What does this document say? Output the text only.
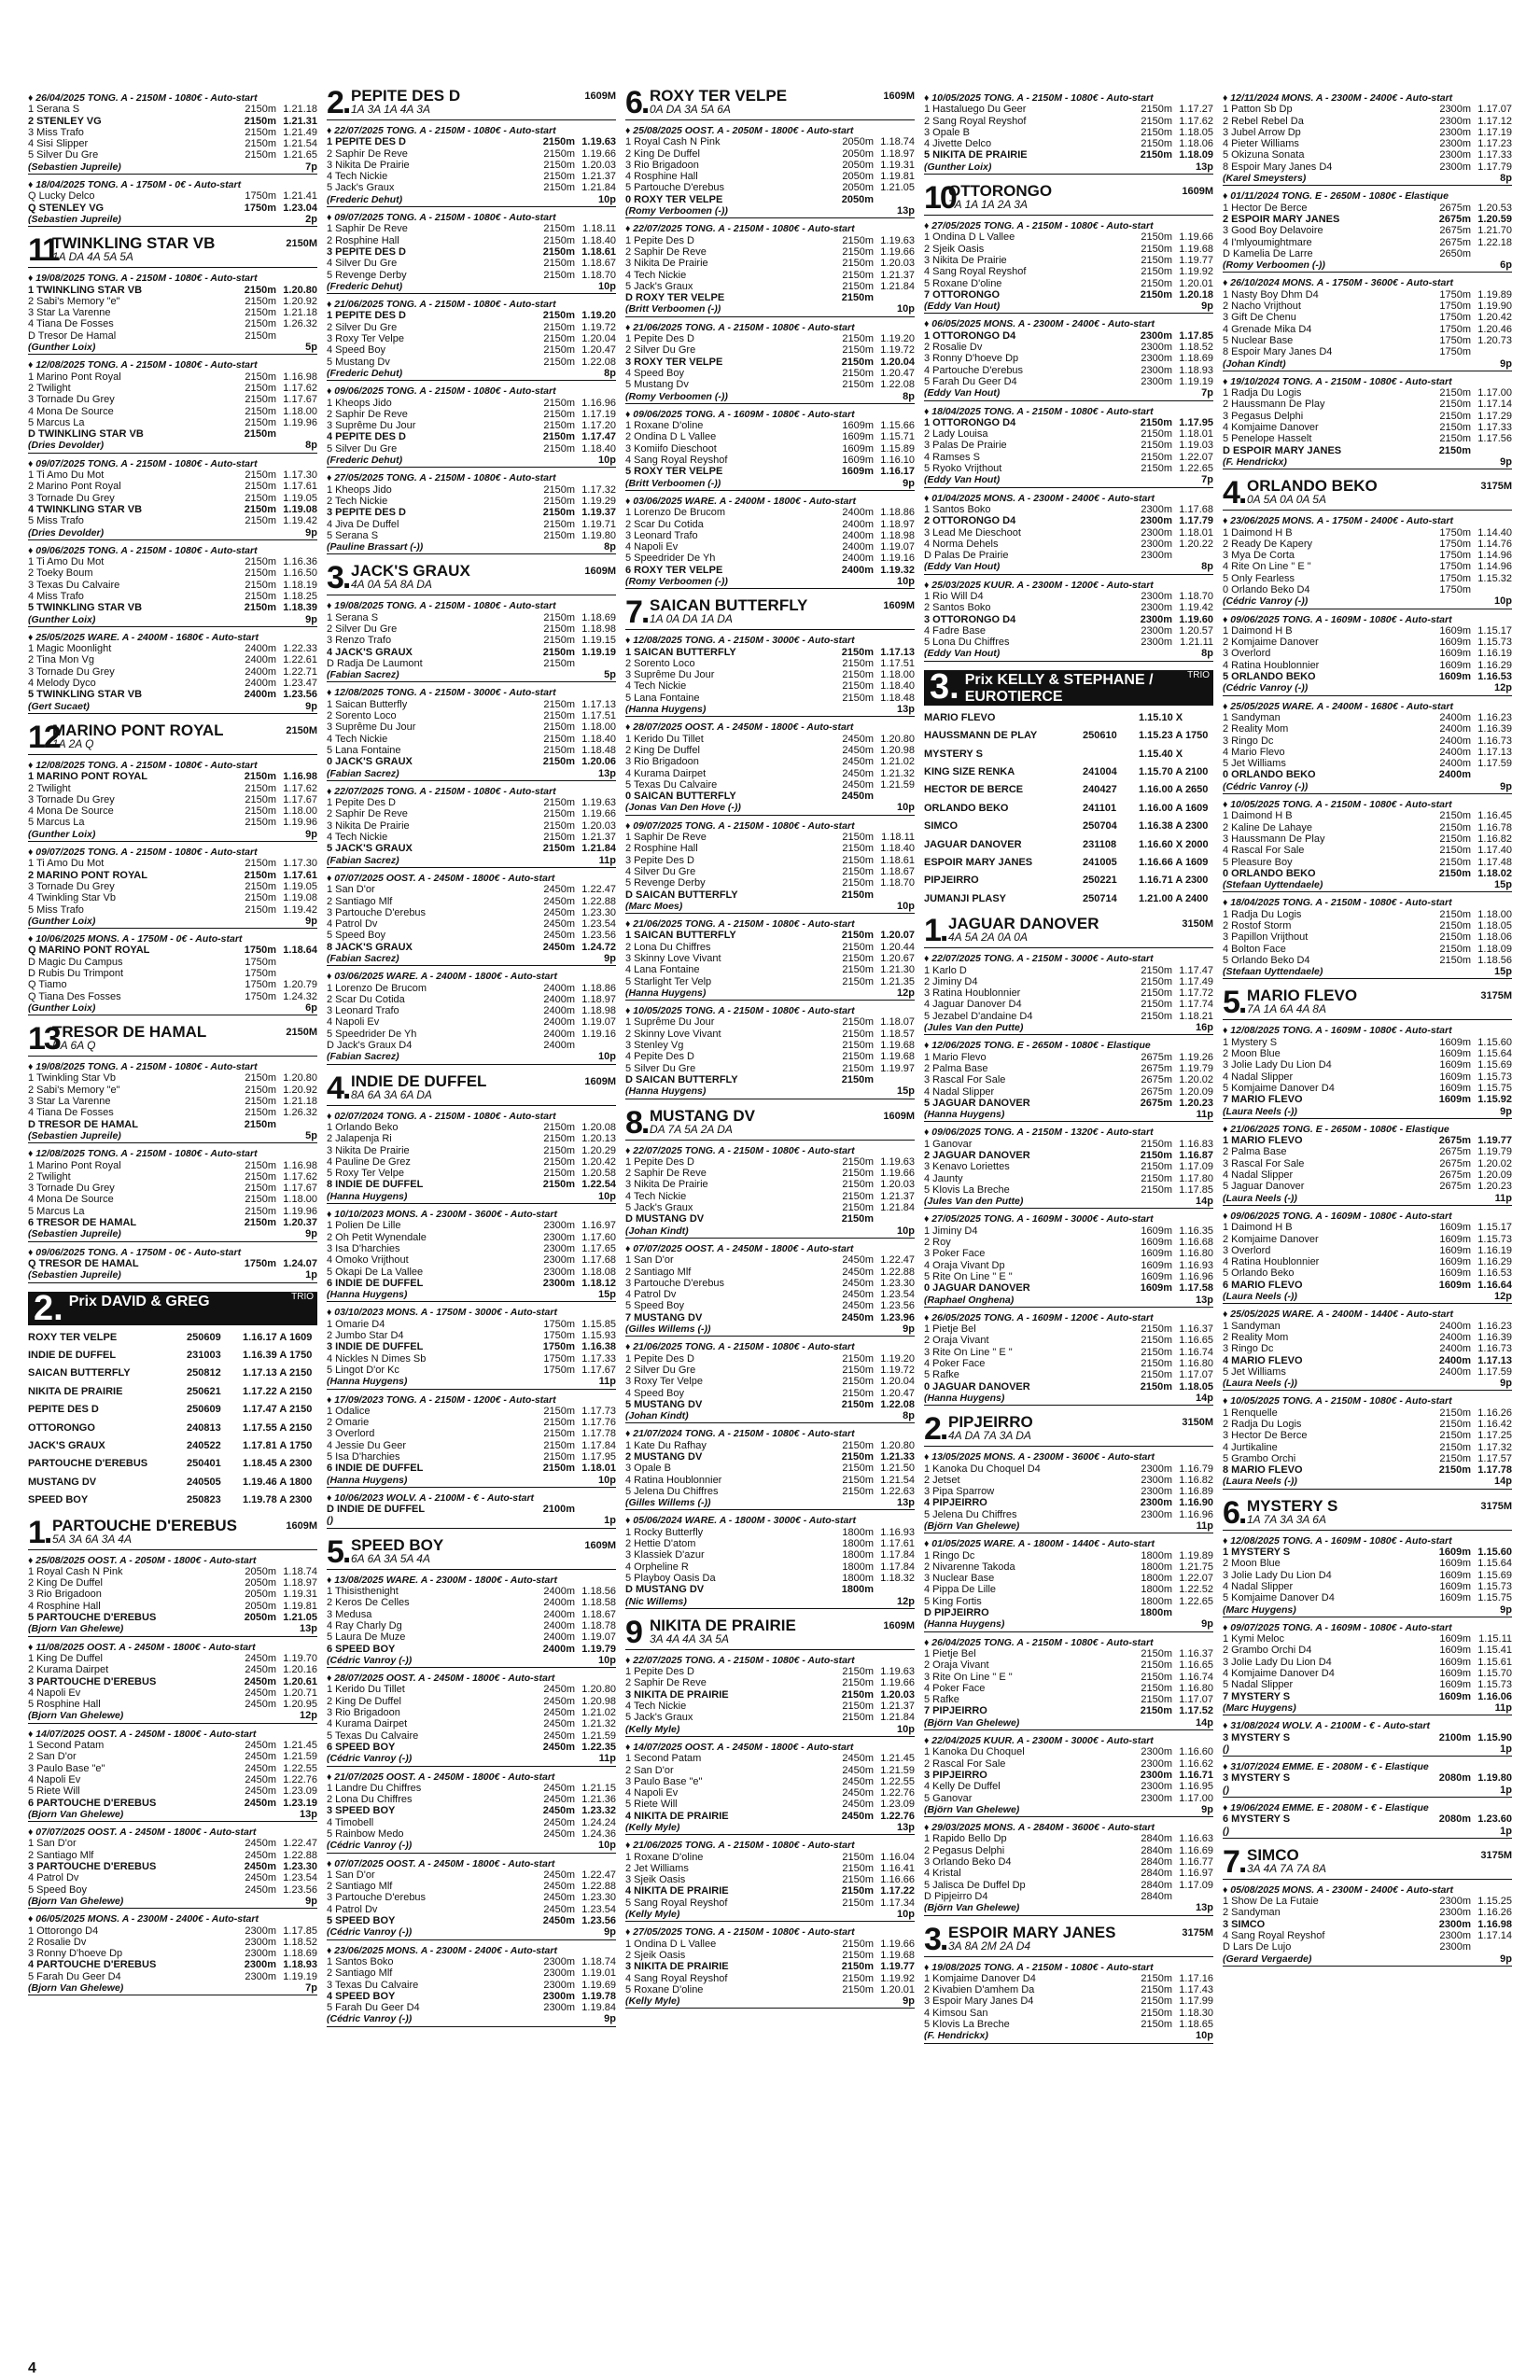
♦ 26/04/2025 TONG. A - 2150M - 1080€ - Auto-start
1 Serana S	2150m 1.21.18
2 STENLEY VG	2150m 1.21.31
3 Miss Trafo	2150m 1.21.49
4 Sisi Slipper	2150m 1.21.54
5 Silver Du Gre	2150m 1.21.65
(Sebastien Jupreile)	7p
♦ 18/04/2025 TONG. A - 1750M - 0€ - Auto-start
Q Lucky Delco	1750m 1.21.41
Q STENLEY VG	1750m 1.23.04
(Sebastien Jupreile)	2p
11
TWINKLING STAR VB
1A DA 4A 5A 5A
2150M
♦ 19/08/2025 TONG. A - 2150M - 1080€ - Auto-start
1 TWINKLING STAR VB	2150m 1.20.80
2 Sabi's Memory "e"	2150m 1.20.92
3 Star La Varenne	2150m 1.21.18
4 Tiana De Fosses	2150m 1.26.32
D Tresor De Hamal	2150m
(Gunther Loix)	5p
♦ 12/08/2025 TONG. A - 2150M - 1080€ - Auto-start
1 Marino Pont Royal	2150m 1.16.98
2 Twilight	2150m 1.17.62
3 Tornade Du Grey	2150m 1.17.67
4 Mona De Source	2150m 1.18.00
5 Marcus La	2150m 1.19.96
D TWINKLING STAR VB	2150m
(Dries Devolder)	8p
♦ 09/07/2025 TONG. A - 2150M - 1080€ - Auto-start
1 Ti Amo Du Mot	2150m 1.17.30
2 Marino Pont Royal	2150m 1.17.61
3 Tornade Du Grey	2150m 1.19.05
4 TWINKLING STAR VB	2150m 1.19.08
5 Miss Trafo	2150m 1.19.42
(Dries Devolder)	9p
♦ 09/06/2025 TONG. A - 2150M - 1080€ - Auto-start
1 Ti Amo Du Mot	2150m 1.16.36
2 Toeky Boum	2150m 1.16.50
3 Texas Du Calvaire	2150m 1.18.19
4 Miss Trafo	2150m 1.18.25
5 TWINKLING STAR VB	2150m 1.18.39
(Gunther Loix)	9p
♦ 25/05/2025 WARE. A - 2400M - 1680€ - Auto-start
1 Magic Moonlight	2400m 1.22.33
2 Tina Mon Vg	2400m 1.22.61
3 Tornade Du Grey	2400m 1.22.71
4 Melody Dyco	2400m 1.23.47
5 TWINKLING STAR VB	2400m 1.23.56
(Gert Sucaet)	9p
12
MARINO PONT ROYAL
1A 2A Q
2150M
♦ 12/08/2025 TONG. A - 2150M - 1080€ - Auto-start
1 MARINO PONT ROYAL	2150m 1.16.98
2 Twilight	2150m 1.17.62
3 Tornade Du Grey	2150m 1.17.67
4 Mona De Source	2150m 1.18.00
5 Marcus La	2150m 1.19.96
(Gunther Loix)	9p
♦ 09/07/2025 TONG. A - 2150M - 1080€ - Auto-start
1 Ti Amo Du Mot	2150m 1.17.30
2 MARINO PONT ROYAL	2150m 1.17.61
3 Tornade Du Grey	2150m 1.19.05
4 Twinkling Star Vb	2150m 1.19.08
5 Miss Trafo	2150m 1.19.42
(Gunther Loix)	9p
♦ 10/06/2025 MONS. A - 1750M - 0€ - Auto-start
Q MARINO PONT ROYAL	1750m 1.18.64
D Magic Du Campus	1750m
D Rubis Du Trimpont	1750m
Q Tiamo	1750m 1.20.79
Q Tiana Des Fosses	1750m 1.24.32
(Gunther Loix)	6p
13
TRESOR DE HAMAL
DA 6A Q
2150M
♦ 19/08/2025 TONG. A - 2150M - 1080€ - Auto-start
1 Twinkling Star Vb	2150m 1.20.80
2 Sabi's Memory "e"	2150m 1.20.92
3 Star La Varenne	2150m 1.21.18
4 Tiana De Fosses	2150m 1.26.32
D TRESOR DE HAMAL	2150m
(Sebastien Jupreile)	5p
♦ 12/08/2025 TONG. A - 2150M - 1080€ - Auto-start
1 Marino Pont Royal	2150m 1.16.98
2 Twilight	2150m 1.17.62
3 Tornade Du Grey	2150m 1.17.67
4 Mona De Source	2150m 1.18.00
5 Marcus La	2150m 1.19.96
6 TRESOR DE HAMAL	2150m 1.20.37
(Sebastien Jupreile)	9p
♦ 09/06/2025 TONG. A - 1750M - 0€ - Auto-start
Q TRESOR DE HAMAL	1750m 1.24.07
(Sebastien Jupreile)	1p
2. Prix DAVID & GREG	TRIO
ROXY TER VELPE	250609	1.16.17 A 1609
INDIE DE DUFFEL	231003	1.16.39 A 1750
SAICAN BUTTERFLY	250812	1.17.13 A 2150
NIKITA DE PRAIRIE	250621	1.17.22 A 2150
PEPITE DES D	250609	1.17.47 A 2150
OTTORONGO	240813	1.17.55 A 2150
JACK'S GRAUX	240522	1.17.81 A 1750
PARTOUCHE D'EREBUS	250401	1.18.45 A 2300
MUSTANG DV	240505	1.19.46 A 1800
SPEED BOY	250823	1.19.78 A 2300
1. PARTOUCHE D'EREBUS
5A 3A 6A 3A 4A
1609M
♦ 25/08/2025 OOST. A - 2050M - 1800€ - Auto-start
1 Royal Cash N Pink	2050m 1.18.74
2 King De Duffel	2050m 1.18.97
3 Rio Brigadoon	2050m 1.19.31
4 Rosphine Hall	2050m 1.19.81
5 PARTOUCHE D'EREBUS	2050m 1.21.05
(Bjorn Van Ghelewe)	13p
♦ 11/08/2025 OOST. A - 2450M - 1800€ - Auto-start
1 King De Duffel	2450m 1.19.70
2 Kurama Dairpet	2450m 1.20.16
3 PARTOUCHE D'EREBUS	2450m 1.20.61
4 Napoli Ev	2450m 1.20.71
5 Rosphine Hall	2450m 1.20.95
(Bjorn Van Ghelewe)	12p
♦ 14/07/2025 OOST. A - 2450M - 1800€ - Auto-start
1 Second Patam	2450m 1.21.45
2 San D'or	2450m 1.21.59
3 Paulo Base "e"	2450m 1.22.55
4 Napoli Ev	2450m 1.22.76
5 Riete Will	2450m 1.23.09
6 PARTOUCHE D'EREBUS	2450m 1.23.19
(Bjorn Van Ghelewe)	13p
♦ 07/07/2025 OOST. A - 2450M - 1800€ - Auto-start
1 San D'or	2450m 1.22.47
2 Santiago Mlf	2450m 1.22.88
3 PARTOUCHE D'EREBUS	2450m 1.23.30
4 Patrol Dv	2450m 1.23.54
5 Speed Boy	2450m 1.23.56
(Bjorn Van Ghelewe)	9p
♦ 06/05/2025 MONS. A - 2300M - 2400€ - Auto-start
1 Ottorongo D4	2300m 1.17.85
2 Rosalie Dv	2300m 1.18.52
3 Ronny D'hoeve Dp	2300m 1.18.69
4 PARTOUCHE D'EREBUS	2300m 1.18.93
5 Farah Du Geer D4	2300m 1.19.19
(Bjorn Van Ghelewe)	7p
2. PEPITE DES D
1A 3A 1A 4A 3A
1609M
♦ 22/07/2025 TONG. A - 2150M - 1080€ - Auto-start
1 PEPITE DES D	2150m 1.19.63
2 Saphir De Reve	2150m 1.19.66
3 Nikita De Prairie	2150m 1.20.03
4 Tech Nickie	2150m 1.21.37
5 Jack's Graux	2150m 1.21.84
(Frederic Dehut)	10p
♦ 09/07/2025 TONG. A - 2150M - 1080€ - Auto-start
1 Saphir De Reve	2150m 1.18.11
2 Rosphine Hall	2150m 1.18.40
3 PEPITE DES D	2150m 1.18.61
4 Silver Du Gre	2150m 1.18.67
5 Revenge Derby	2150m 1.18.70
(Frederic Dehut)	10p
♦ 21/06/2025 TONG. A - 2150M - 1080€ - Auto-start
1 PEPITE DES D	2150m 1.19.20
2 Silver Du Gre	2150m 1.19.72
3 Roxy Ter Velpe	2150m 1.20.04
4 Speed Boy	2150m 1.20.47
5 Mustang Dv	2150m 1.22.08
(Frederic Dehut)	8p
♦ 09/06/2025 TONG. A - 2150M - 1080€ - Auto-start
1 Kheops Jido	2150m 1.16.96
2 Saphir De Reve	2150m 1.17.19
3 Suprême Du Jour	2150m 1.17.20
4 PEPITE DES D	2150m 1.17.47
5 Silver Du Gre	2150m 1.18.40
(Frederic Dehut)	10p
♦ 27/05/2025 TONG. A - 2150M - 1080€ - Auto-start
1 Kheops Jido	2150m 1.17.32
2 Tech Nickie	2150m 1.19.29
3 PEPITE DES D	2150m 1.19.37
4 Jiva De Duffel	2150m 1.19.71
5 Serana S	2150m 1.19.80
(Pauline Brassart (-))	8p
3. JACK'S GRAUX
4A 0A 5A 8A DA
1609M
♦ 19/08/2025 TONG. A - 2150M - 1080€ - Auto-start
1 Serana S	2150m 1.18.69
2 Silver Du Gre	2150m 1.18.98
3 Renzo Trafo	2150m 1.19.15
4 JACK'S GRAUX	2150m 1.19.19
D Radja De Laumont	2150m
(Fabian Sacrez)	5p
♦ 12/08/2025 TONG. A - 2150M - 3000€ - Auto-start
1 Saican Butterfly	2150m 1.17.13
2 Sorento Loco	2150m 1.17.51
3 Suprême Du Jour	2150m 1.18.00
4 Tech Nickie	2150m 1.18.40
5 Lana Fontaine	2150m 1.18.48
0 JACK'S GRAUX	2150m 1.20.06
(Fabian Sacrez)	13p
♦ 22/07/2025 TONG. A - 2150M - 1080€ - Auto-start
1 Pepite Des D	2150m 1.19.63
2 Saphir De Reve	2150m 1.19.66
3 Nikita De Prairie	2150m 1.20.03
4 Tech Nickie	2150m 1.21.37
5 JACK'S GRAUX	2150m 1.21.84
(Fabian Sacrez)	11p
♦ 07/07/2025 OOST. A - 2450M - 1800€ - Auto-start
1 San D'or	2450m 1.22.47
2 Santiago Mlf	2450m 1.22.88
3 Partouche D'erebus	2450m 1.23.30
4 Patrol Dv	2450m 1.23.54
5 Speed Boy	2450m 1.23.56
8 JACK'S GRAUX	2450m 1.24.72
(Fabian Sacrez)	9p
♦ 03/06/2025 WARE. A - 2400M - 1800€ - Auto-start
1 Lorenzo De Brucom	2400m 1.18.86
2 Scar Du Cotida	2400m 1.18.97
3 Leonard Trafo	2400m 1.18.98
4 Napoli Ev	2400m 1.19.07
5 Speedrider De Yh	2400m 1.19.16
D Jack's Graux D4	2400m
(Fabian Sacrez)	10p
4. INDIE DE DUFFEL
8A 6A 3A 6A DA
1609M
♦ 02/07/2024 TONG. A - 2150M - 1080€ - Auto-start
1 Orlando Beko	2150m 1.20.08
2 Jalapenja Ri	2150m 1.20.13
3 Nikita De Prairie	2150m 1.20.29
4 Pauline De Grez	2150m 1.20.42
5 Roxy Ter Velpe	2150m 1.20.58
8 INDIE DE DUFFEL	2150m 1.22.54
(Hanna Huygens)	10p
♦ 10/10/2023 MONS. A - 2300M - 3600€ - Auto-start
1 Polien De Lille	2300m 1.16.97
2 Oh Petit Wynendale	2300m 1.17.60
3 Isa D'harchies	2300m 1.17.65
4 Omoko Vrijthout	2300m 1.17.68
5 Okapi De La Vallee	2300m 1.18.08
6 INDIE DE DUFFEL	2300m 1.18.12
(Hanna Huygens)	15p
♦ 03/10/2023 MONS. A - 1750M - 3000€ - Auto-start
1 Omarie D4	1750m 1.15.85
2 Jumbo Star D4	1750m 1.15.93
3 INDIE DE DUFFEL	1750m 1.16.38
4 Nickles N Dimes Sb	1750m 1.17.33
5 Lingot D'or Kc	1750m 1.17.67
(Hanna Huygens)	11p
♦ 17/09/2023 TONG. A - 2150M - 1200€ - Auto-start
1 Odalice	2150m 1.17.73
2 Omarie	2150m 1.17.76
3 Overlord	2150m 1.17.78
4 Jessie Du Geer	2150m 1.17.84
5 Isa D'harchies	2150m 1.17.95
6 INDIE DE DUFFEL	2150m 1.18.01
(Hanna Huygens)	10p
♦ 10/06/2023 WOLV. A - 2100M - € - Auto-start
D INDIE DE DUFFEL	2100m
()	1p
5. SPEED BOY
6A 6A 3A 5A 4A
1609M
♦ 13/08/2025 WARE. A - 2300M - 1800€ - Auto-start
1 Thisisthenight	2400m 1.18.56
2 Keros De Celles	2400m 1.18.58
3 Medusa	2400m 1.18.67
4 Ray Charly Dg	2400m 1.18.78
5 Laura De Muze	2400m 1.19.07
6 SPEED BOY	2400m 1.19.79
(Cédric Vanroy (-))	10p
♦ 28/07/2025 OOST. A - 2450M - 1800€ - Auto-start
1 Kerido Du Tillet	2450m 1.20.80
2 King De Duffel	2450m 1.20.98
3 Rio Brigadoon	2450m 1.21.02
4 Kurama Dairpet	2450m 1.21.32
5 Texas Du Calvaire	2450m 1.21.59
6 SPEED BOY	2450m 1.22.35
(Cédric Vanroy (-))	11p
♦ 21/07/2025 OOST. A - 2450M - 1800€ - Auto-start
1 Landre Du Chiffres	2450m 1.21.15
2 Lona Du Chiffres	2450m 1.21.36
3 SPEED BOY	2450m 1.23.32
4 Timobell	2450m 1.24.24
5 Rainbow Medo	2450m 1.24.36
(Cédric Vanroy (-))	10p
♦ 07/07/2025 OOST. A - 2450M - 1800€ - Auto-start
1 San D'or	2450m 1.22.47
2 Santiago Mlf	2450m 1.22.88
3 Partouche D'erebus	2450m 1.23.30
4 Patrol Dv	2450m 1.23.54
5 SPEED BOY	2450m 1.23.56
(Cédric Vanroy (-))	9p
♦ 23/06/2025 MONS. A - 2300M - 2400€ - Auto-start
1 Santos Boko	2300m 1.18.74
2 Santiago Mlf	2300m 1.19.01
3 Texas Du Calvaire	2300m 1.19.69
4 SPEED BOY	2300m 1.19.78
5 Farah Du Geer D4	2300m 1.19.84
(Cédric Vanroy (-))	9p
6. ROXY TER VELPE
0A DA 3A 5A 6A
1609M
♦ 25/08/2025 OOST. A - 2050M - 1800€ - Auto-start
1 Royal Cash N Pink	2050m 1.18.74
2 King De Duffel	2050m 1.18.97
3 Rio Brigadoon	2050m 1.19.31
4 Rosphine Hall	2050m 1.19.81
5 Partouche D'erebus	2050m 1.21.05
0 ROXY TER VELPE	2050m
(Romy Verboomen (-))	13p
♦ 22/07/2025 TONG. A - 2150M - 1080€ - Auto-start
1 Pepite Des D	2150m 1.19.63
2 Saphir De Reve	2150m 1.19.66
3 Nikita De Prairie	2150m 1.20.03
4 Tech Nickie	2150m 1.21.37
5 Jack's Graux	2150m 1.21.84
D ROXY TER VELPE	2150m
(Britt Verboomen (-))	10p
♦ 21/06/2025 TONG. A - 2150M - 1080€ - Auto-start
1 Pepite Des D	2150m 1.19.20
2 Silver Du Gre	2150m 1.19.72
3 ROXY TER VELPE	2150m 1.20.04
4 Speed Boy	2150m 1.20.47
5 Mustang Dv	2150m 1.22.08
(Romy Verboomen (-))	8p
♦ 09/06/2025 TONG. A - 1609M - 1080€ - Auto-start
1 Roxane D'oline	1609m 1.15.66
2 Ondina D L Vallee	1609m 1.15.71
3 Komiifo Dieschoot	1609m 1.15.89
4 Sang Royal Reyshof	1609m 1.16.10
5 ROXY TER VELPE	1609m 1.16.17
(Britt Verboomen (-))	9p
♦ 03/06/2025 WARE. A - 2400M - 1800€ - Auto-start
1 Lorenzo De Brucom	2400m 1.18.86
2 Scar Du Cotida	2400m 1.18.97
3 Leonard Trafo	2400m 1.18.98
4 Napoli Ev	2400m 1.19.07
5 Speedrider De Yh	2400m 1.19.16
6 ROXY TER VELPE	2400m 1.19.32
(Romy Verboomen (-))	10p
7. SAICAN BUTTERFLY
1A 0A DA 1A DA
1609M
♦ 12/08/2025 TONG. A - 2150M - 3000€ - Auto-start
1 SAICAN BUTTERFLY	2150m 1.17.13
2 Sorento Loco	2150m 1.17.51
3 Suprême Du Jour	2150m 1.18.00
4 Tech Nickie	2150m 1.18.40
5 Lana Fontaine	2150m 1.18.48
(Hanna Huygens)	13p
♦ 28/07/2025 OOST. A - 2450M - 1800€ - Auto-start
1 Kerido Du Tillet	2450m 1.20.80
2 King De Duffel	2450m 1.20.98
3 Rio Brigadoon	2450m 1.21.02
4 Kurama Dairpet	2450m 1.21.32
5 Texas Du Calvaire	2450m 1.21.59
0 SAICAN BUTTERFLY	2450m
(Jonas Van Den Hove (-))	10p
♦ 09/07/2025 TONG. A - 2150M - 1080€ - Auto-start
1 Saphir De Reve	2150m 1.18.11
2 Rosphine Hall	2150m 1.18.40
3 Pepite Des D	2150m 1.18.61
4 Silver Du Gre	2150m 1.18.67
5 Revenge Derby	2150m 1.18.70
D SAICAN BUTTERFLY	2150m
(Marc Moes)	10p
♦ 21/06/2025 TONG. A - 2150M - 1080€ - Auto-start
1 SAICAN BUTTERFLY	2150m 1.20.07
2 Lona Du Chiffres	2150m 1.20.44
3 Skinny Love Vivant	2150m 1.20.67
4 Lana Fontaine	2150m 1.21.30
5 Starlight Ter Velp	2150m 1.21.35
(Hanna Huygens)	12p
♦ 10/05/2025 TONG. A - 2150M - 1080€ - Auto-start
1 Suprême Du Jour	2150m 1.18.07
2 Skinny Love Vivant	2150m 1.18.57
3 Stenley Vg	2150m 1.19.68
4 Pepite Des D	2150m 1.19.68
5 Silver Du Gre	2150m 1.19.97
D SAICAN BUTTERFLY	2150m
(Hanna Huygens)	15p
8. MUSTANG DV
DA 7A 5A 2A DA
1609M
♦ 22/07/2025 TONG. A - 2150M - 1080€ - Auto-start
1 Pepite Des D	2150m 1.19.63
2 Saphir De Reve	2150m 1.19.66
3 Nikita De Prairie	2150m 1.20.03
4 Tech Nickie	2150m 1.21.37
5 Jack's Graux	2150m 1.21.84
D MUSTANG DV	2150m
(Johan Kindt)	10p
♦ 07/07/2025 OOST. A - 2450M - 1800€ - Auto-start
1 San D'or	2450m 1.22.47
2 Santiago Mlf	2450m 1.22.88
3 Partouche D'erebus	2450m 1.23.30
4 Patrol Dv	2450m 1.23.54
5 Speed Boy	2450m 1.23.56
7 MUSTANG DV	2450m 1.23.96
(Gilles Willems (-))	9p
♦ 21/06/2025 TONG. A - 2150M - 1080€ - Auto-start
1 Pepite Des D	2150m 1.19.20
2 Silver Du Gre	2150m 1.19.72
3 Roxy Ter Velpe	2150m 1.20.04
4 Speed Boy	2150m 1.20.47
5 MUSTANG DV	2150m 1.22.08
(Johan Kindt)	8p
♦ 21/07/2024 TONG. A - 2150M - 1080€ - Auto-start
1 Kate Du Rafhay	2150m 1.20.80
2 MUSTANG DV	2150m 1.21.33
3 Opale B	2150m 1.21.50
4 Ratina Houblonnier	2150m 1.21.54
5 Jelena Du Chiffres	2150m 1.22.63
(Gilles Willems (-))	13p
♦ 05/06/2024 WARE. A - 1800M - 3000€ - Auto-start
1 Rocky Butterfly	1800m 1.16.93
2 Hettie D'atom	1800m 1.17.61
3 Klassiek D'azur	1800m 1.17.84
4 Orpheline R	1800m 1.17.84
5 Playboy Oasis Da	1800m 1.18.32
D MUSTANG DV	1800m
(Nic Willems)	12p
9 NIKITA DE PRAIRIE
3A 4A 4A 3A 5A
1609M
♦ 22/07/2025 TONG. A - 2150M - 1080€ - Auto-start
1 Pepite Des D	2150m 1.19.63
2 Saphir De Reve	2150m 1.19.66
3 NIKITA DE PRAIRIE	2150m 1.20.03
4 Tech Nickie	2150m 1.21.37
5 Jack's Graux	2150m 1.21.84
(Kelly Myle)	10p
♦ 14/07/2025 OOST. A - 2450M - 1800€ - Auto-start
1 Second Patam	2450m 1.21.45
2 San D'or	2450m 1.21.59
3 Paulo Base "e"	2450m 1.22.55
4 Napoli Ev	2450m 1.22.76
5 Riete Will	2450m 1.23.09
4 NIKITA DE PRAIRIE	2450m 1.22.76
(Kelly Myle)	13p
♦ 21/06/2025 TONG. A - 2150M - 1080€ - Auto-start
1 Roxane D'oline	2150m 1.16.04
2 Jet Williams	2150m 1.16.41
3 Sjeik Oasis	2150m 1.16.66
4 NIKITA DE PRAIRIE	2150m 1.17.22
5 Sang Royal Reyshof	2150m 1.17.34
(Kelly Myle)	10p
♦ 27/05/2025 TONG. A - 2150M - 1080€ - Auto-start
1 Ondina D L Vallee	2150m 1.19.66
2 Sjeik Oasis	2150m 1.19.68
3 NIKITA DE PRAIRIE	2150m 1.19.77
4 Sang Royal Reyshof	2150m 1.19.92
5 Roxane D'oline	2150m 1.20.01
(Kelly Myle)	9p
♦ 10/05/2025 TONG. A - 2150M - 1080€ - Auto-start
1 Hastaluego Du Geer	2150m 1.17.27
2 Sang Royal Reyshof	2150m 1.17.62
3 Opale B	2150m 1.18.05
4 Jivette Delco	2150m 1.18.06
5 NIKITA DE PRAIRIE	2150m 1.18.09
(Gunther Loix)	13p
10
OTTORONGO
7A 1A 1A 2A 3A
1609M
♦ 27/05/2025 TONG. A - 2150M - 1080€ - Auto-start
1 Ondina D L Vallee	2150m 1.19.66
2 Sjeik Oasis	2150m 1.19.68
3 Nikita De Prairie	2150m 1.19.77
4 Sang Royal Reyshof	2150m 1.19.92
5 Roxane D'oline	2150m 1.20.01
7 OTTORONGO	2150m 1.20.18
(Eddy Van Hout)	9p
♦ 06/05/2025 MONS. A - 2300M - 2400€ - Auto-start
1 OTTORONGO D4	2300m 1.17.85
2 Rosalie Dv	2300m 1.18.52
3 Ronny D'hoeve Dp	2300m 1.18.69
4 Partouche D'erebus	2300m 1.18.93
5 Farah Du Geer D4	2300m 1.19.19
(Eddy Van Hout)	7p
♦ 18/04/2025 TONG. A - 2150M - 1080€ - Auto-start
1 OTTORONGO D4	2150m 1.17.95
2 Lady Louisa	2150m 1.18.01
3 Palas De Prairie	2150m 1.19.03
4 Ramses S	2150m 1.22.07
5 Ryoko Vrijthout	2150m 1.22.65
(Eddy Van Hout)	7p
♦ 01/04/2025 MONS. A - 2300M - 2400€ - Auto-start
1 Santos Boko	2300m 1.17.68
2 OTTORONGO D4	2300m 1.17.79
3 Lead Me Dieschoot	2300m 1.18.01
4 Norma Dehels	2300m 1.20.22
D Palas De Prairie	2300m
(Eddy Van Hout)	8p
♦ 25/03/2025 KUUR. A - 2300M - 1200€ - Auto-start
1 Rio Will D4	2300m 1.18.70
2 Santos Boko	2300m 1.19.42
3 OTTORONGO D4	2300m 1.19.60
4 Fadre Base	2300m 1.20.57
5 Lona Du Chiffres	2300m 1.21.11
(Eddy Van Hout)	8p
3. Prix KELLY & STEPHANE / EUROTIERCE
TRIO
MARIO FLEVO	1.15.10 X
HAUSSMANN DE PLAY	250610	1.15.23 A 1750
MYSTERY S	1.15.40 X
KING SIZE RENKA	241004	1.15.70 A 2100
HECTOR DE BERCE	240427	1.16.00 A 2650
ORLANDO BEKO	241101	1.16.00 A 1609
SIMCO	250704	1.16.38 A 2300
JAGUAR DANOVER	231108	1.16.60 X 2000
ESPOIR MARY JANES	241005	1.16.66 A 1609
PIPJEIRRO	250221	1.16.71 A 2300
JUMANJI PLASY	250714	1.21.00 A 2400
1. JAGUAR DANOVER
4A 5A 2A 0A 0A
3150M
♦ 22/07/2025 TONG. A - 2150M - 3000€ - Auto-start
1 Karlo D	2150m 1.17.47
2 Jiminy D4	2150m 1.17.49
3 Ratina Houblonnier	2150m 1.17.72
4 Jaguar Danover D4	2150m 1.17.74
5 Jezabel D'andaine D4	2150m 1.18.21
(Jules Van den Putte)	16p
♦ 12/06/2025 TONG. E - 2650M - 1080€ - Elastique
1 Mario Flevo	2675m 1.19.26
2 Palma Base	2675m 1.19.79
3 Rascal For Sale	2675m 1.20.02
4 Nadal Slipper	2675m 1.20.09
5 JAGUAR DANOVER	2675m 1.20.23
(Hanna Huygens)	11p
♦ 09/06/2025 TONG. A - 2150M - 1320€ - Auto-start
1 Ganovar	2150m 1.16.83
2 JAGUAR DANOVER	2150m 1.16.87
3 Kenavo Loriettes	2150m 1.17.09
4 Jaunty	2150m 1.17.80
5 Klovis La Breche	2150m 1.17.85
(Jules Van den Putte)	14p
♦ 27/05/2025 TONG. A - 1609M - 3000€ - Auto-start
1 Jiminy D4	1609m 1.16.35
2 Roy	1609m 1.16.68
3 Poker Face	1609m 1.16.80
4 Oraja Vivant Dp	1609m 1.16.93
5 Rite On Line " E "	1609m 1.16.96
0 JAGUAR DANOVER	1609m 1.17.58
(Raphael Onghena)	13p
♦ 26/05/2025 TONG. A - 1609M - 1200€ - Auto-start
1 Pietje Bel	2150m 1.16.37
2 Oraja Vivant	2150m 1.16.65
3 Rite On Line " E "	2150m 1.16.74
4 Poker Face	2150m 1.16.80
5 Rafke	2150m 1.17.07
0 JAGUAR DANOVER	2150m 1.18.05
(Hanna Huygens)	14p
2. PIPJEIRRO
4A DA 7A 3A DA
3150M
♦ 13/05/2025 MONS. A - 2300M - 3600€ - Auto-start
1 Kanoka Du Choquel D4	2300m 1.16.79
2 Jetset	2300m 1.16.82
3 Pipa Sparrow	2300m 1.16.89
4 PIPJEIRRO	2300m 1.16.90
5 Jelena Du Chiffres	2300m 1.16.96
(Björn Van Ghelewe)	11p
♦ 01/05/2025 WARE. A - 1800M - 1440€ - Auto-start
1 Ringo Dc	1800m 1.19.89
2 Nivarenne Takoda	1800m 1.21.75
3 Nuclear Base	1800m 1.22.07
4 Pippa De Lille	1800m 1.22.52
5 King Fortis	1800m 1.22.65
D PIPJEIRRO	1800m
(Hanna Huygens)	9p
♦ 26/04/2025 TONG. A - 2150M - 1080€ - Auto-start
1 Pietje Bel	2150m 1.16.37
2 Oraja Vivant	2150m 1.16.65
3 Rite On Line " E "	2150m 1.16.74
4 Poker Face	2150m 1.16.80
5 Rafke	2150m 1.17.07
7 PIPJEIRRO	2150m 1.17.52
(Björn Van Ghelewe)	14p
♦ 22/04/2025 KUUR. A - 2300M - 3000€ - Auto-start
1 Kanoka Du Choquel	2300m 1.16.60
2 Rascal For Sale	2300m 1.16.62
3 PIPJEIRRO	2300m 1.16.71
4 Kelly De Duffel	2300m 1.16.95
5 Ganovar	2300m 1.17.00
(Björn Van Ghelewe)	9p
♦ 29/03/2025 MONS. A - 2840M - 3600€ - Auto-start
1 Rapido Bello Dp	2840m 1.16.63
2 Pegasus Delphi	2840m 1.16.69
3 Orlando Beko D4	2840m 1.16.77
4 Kristal	2840m 1.16.97
5 Jalisca De Duffel Dp	2840m 1.17.09
D Pipjeirro D4	2840m
(Björn Van Ghelewe)	13p
3. ESPOIR MARY JANES
3A 8A 2M 2A D4
3175M
♦ 19/08/2025 TONG. A - 2150M - 1080€ - Auto-start
1 Komjaime Danover D4	2150m 1.17.16
2 Kivabien D'amhem Da	2150m 1.17.43
3 Espoir Mary Janes D4	2150m 1.17.99
4 Kimsou San	2150m 1.18.30
5 Klovis La Breche	2150m 1.18.65
(F. Hendrickx)	10p
♦ 12/11/2024 MONS. A - 2300M - 2400€ - Auto-start
1 Patton Sb Dp	2300m 1.17.07
2 Rebel Rebel Da	2300m 1.17.12
3 Jubel Arrow Dp	2300m 1.17.19
4 Pieter Williams	2300m 1.17.23
5 Okizuna Sonata	2300m 1.17.33
8 Espoir Mary Janes D4	2300m 1.17.79
(Karel Smeysters)	8p
♦ 01/11/2024 TONG. E - 2650M - 1080€ - Elastique
1 Hector De Berce	2675m 1.20.53
2 ESPOIR MARY JANES	2675m 1.20.59
3 Good Boy Delavoire	2675m 1.21.70
4 I'mlyoumightmare	2675m 1.22.18
D Kamelia De Larre	2650m
(Romy Verboomen (-))	6p
♦ 26/10/2024 MONS. A - 1750M - 3600€ - Auto-start
1 Nasty Boy Dhm D4	1750m 1.19.89
2 Nacho Vrijthout	1750m 1.19.90
3 Gift De Chenu	1750m 1.20.42
4 Grenade Mika D4	1750m 1.20.46
5 Nuclear Base	1750m 1.20.73
8 Espoir Mary Janes D4	1750m
(Johan Kindt)	9p
♦ 19/10/2024 TONG. A - 2150M - 1080€ - Auto-start
1 Radja Du Logis	2150m 1.17.00
2 Haussmann De Play	2150m 1.17.14
3 Pegasus Delphi	2150m 1.17.29
4 Komjaime Danover	2150m 1.17.33
5 Penelope Hasselt	2150m 1.17.56
D ESPOIR MARY JANES	2150m
(F. Hendrickx)	9p
4. ORLANDO BEKO
0A 5A 0A 0A 5A
3175M
♦ 23/06/2025 MONS. A - 1750M - 2400€ - Auto-start
1 Daimond H B	1750m 1.14.40
2 Ready De Kapery	1750m 1.14.76
3 Mya De Corta	1750m 1.14.96
4 Rite On Line " E "	1750m 1.14.96
5 Only Fearless	1750m 1.15.32
0 Orlando Beko D4	1750m
(Cédric Vanroy (-))	10p
♦ 09/06/2025 TONG. A - 1609M - 1080€ - Auto-start
1 Daimond H B	1609m 1.15.17
2 Komjaime Danover	1609m 1.15.73
3 Overlord	1609m 1.16.19
4 Ratina Houblonnier	1609m 1.16.29
5 ORLANDO BEKO	1609m 1.16.53
(Cédric Vanroy (-))	12p
♦ 25/05/2025 WARE. A - 2400M - 1680€ - Auto-start
1 Sandyman	2400m 1.16.23
2 Reality Mom	2400m 1.16.39
3 Ringo Dc	2400m 1.16.73
4 Mario Flevo	2400m 1.17.13
5 Jet Williams	2400m 1.17.59
0 ORLANDO BEKO	2400m
(Cédric Vanroy (-))	9p
♦ 10/05/2025 TONG. A - 2150M - 1080€ - Auto-start
1 Daimond H B	2150m 1.16.45
2 Kaline De Lahaye	2150m 1.16.78
3 Haussmann De Play	2150m 1.16.82
4 Rascal For Sale	2150m 1.17.40
5 Pleasure Boy	2150m 1.17.48
0 ORLANDO BEKO	2150m 1.18.02
(Stefaan Uyttendaele)	15p
♦ 18/04/2025 TONG. A - 2150M - 1080€ - Auto-start
1 Radja Du Logis	2150m 1.18.00
2 Rostof Storm	2150m 1.18.05
3 Papillon Vrijthout	2150m 1.18.06
4 Bolton Face	2150m 1.18.09
5 Orlando Beko D4	2150m 1.18.56
(Stefaan Uyttendaele)	15p
5. MARIO FLEVO
7A 1A 6A 4A 8A
3175M
♦ 12/08/2025 TONG. A - 1609M - 1080€ - Auto-start
1 Mystery S	1609m 1.15.60
2 Moon Blue	1609m 1.15.64
3 Jolie Lady Du Lion D4	1609m 1.15.69
4 Nadal Slipper	1609m 1.15.73
5 Komjaime Danover D4	1609m 1.15.75
7 MARIO FLEVO	1609m 1.15.92
(Laura Neels (-))	9p
♦ 21/06/2025 TONG. E - 2650M - 1080€ - Elastique
1 MARIO FLEVO	2675m 1.19.77
2 Palma Base	2675m 1.19.79
3 Rascal For Sale	2675m 1.20.02
4 Nadal Slipper	2675m 1.20.09
5 Jaguar Danover	2675m 1.20.23
(Laura Neels (-))	11p
♦ 09/06/2025 TONG. A - 1609M - 1080€ - Auto-start
1 Daimond H B	1609m 1.15.17
2 Komjaime Danover	1609m 1.15.73
3 Overlord	1609m 1.16.19
4 Ratina Houblonnier	1609m 1.16.29
5 Orlando Beko	1609m 1.16.53
6 MARIO FLEVO	1609m 1.16.64
(Laura Neels (-))	12p
♦ 25/05/2025 WARE. A - 2400M - 1440€ - Auto-start
1 Sandyman	2400m 1.16.23
2 Reality Mom	2400m 1.16.39
3 Ringo Dc	2400m 1.16.73
4 MARIO FLEVO	2400m 1.17.13
5 Jet Williams	2400m 1.17.59
(Laura Neels (-))	9p
♦ 10/05/2025 TONG. A - 2150M - 1080€ - Auto-start
1 Renquelle	2150m 1.16.26
2 Radja Du Logis	2150m 1.16.42
3 Hector De Berce	2150m 1.17.25
4 Jurtikaline	2150m 1.17.32
5 Grambo Orchi	2150m 1.17.57
8 MARIO FLEVO	2150m 1.17.78
(Laura Neels (-))	14p
6. MYSTERY S
1A 7A 3A 3A 6A
3175M
♦ 12/08/2025 TONG. A - 1609M - 1080€ - Auto-start
1 MYSTERY S	1609m 1.15.60
2 Moon Blue	1609m 1.15.64
3 Jolie Lady Du Lion D4	1609m 1.15.69
4 Nadal Slipper	1609m 1.15.73
5 Komjaime Danover D4	1609m 1.15.75
(Marc Huygens)	9p
♦ 09/07/2025 TONG. A - 1609M - 1080€ - Auto-start
1 Kymi Meloc	1609m 1.15.11
2 Grambo Orchi D4	1609m 1.15.41
3 Jolie Lady Du Lion D4	1609m 1.15.61
4 Komjaime Danover D4	1609m 1.15.70
5 Nadal Slipper	1609m 1.15.73
7 MYSTERY S	1609m 1.16.06
(Marc Huygens)	11p
♦ 31/08/2024 WOLV. A - 2100M - € - Auto-start
3 MYSTERY S	2100m 1.15.90
()	1p
♦ 31/07/2024 EMME. E - 2080M - € - Elastique
3 MYSTERY S	2080m 1.19.80
()	1p
♦ 19/06/2024 EMME. E - 2080M - € - Elastique
6 MYSTERY S	2080m 1.23.60
()	1p
7. SIMCO
3A 4A 7A 7A 8A
3175M
♦ 05/08/2025 MONS. A - 2300M - 2400€ - Auto-start
1 Show De La Futaie	2300m 1.15.25
2 Sandyman	2300m 1.16.26
3 SIMCO	2300m 1.16.98
4 Sang Royal Reyshof	2300m 1.17.14
D Lars De Lujo	2300m
(Gerard Vergaerde)	9p
4
